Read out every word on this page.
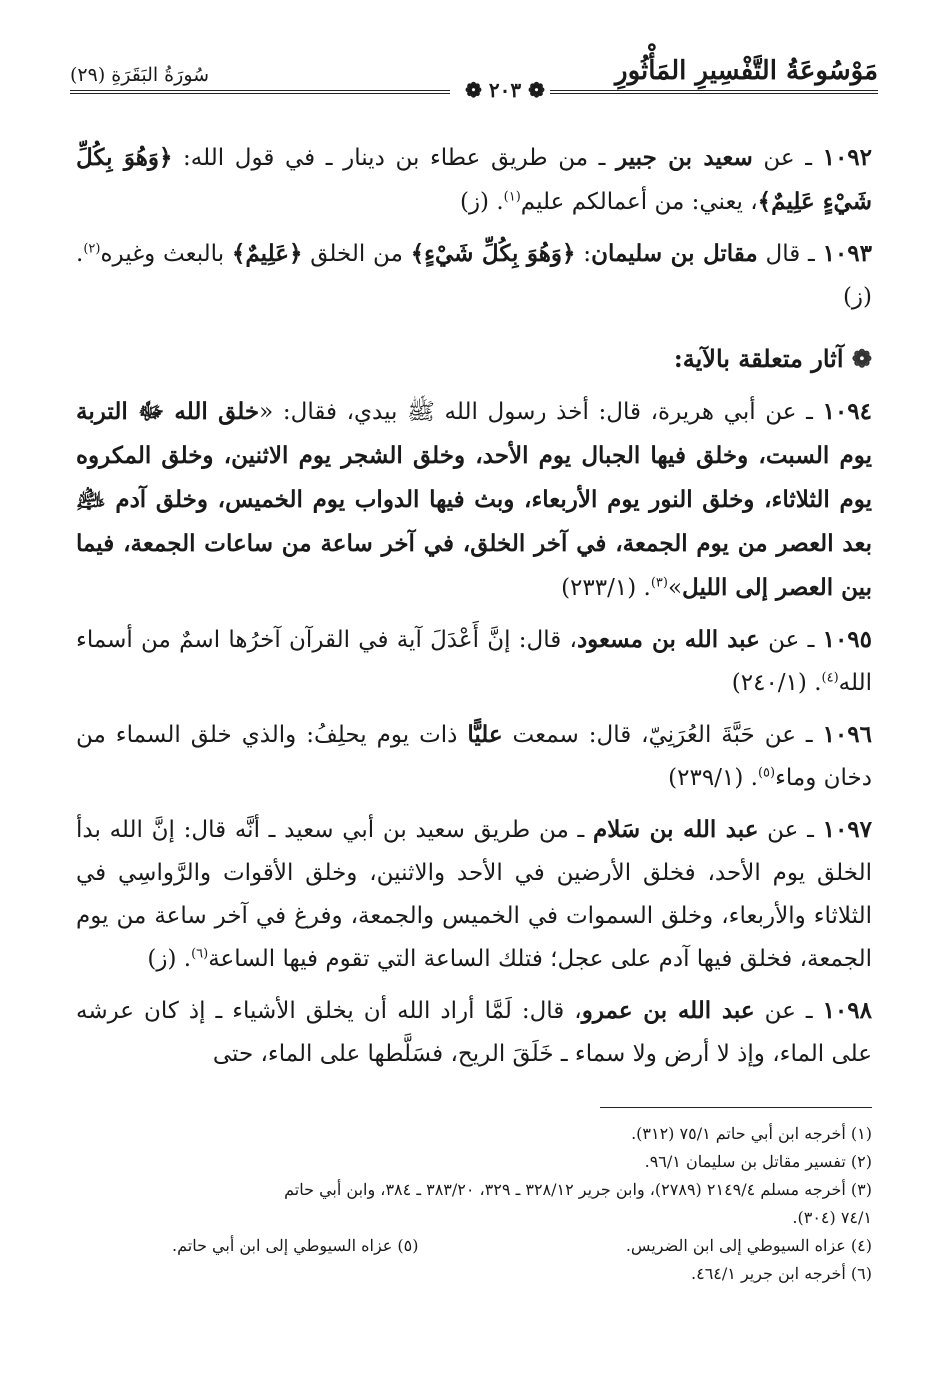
مَوْسُوعَةُ التَّفْسِيرِ المَأْثُورِ
سُورَةُ البَقَرَةِ (٢٩)
❁ ٢٠٣ ❁

١٠٩٢ ـ عن سعيد بن جبير ـ من طريق عطاء بن دينار ـ في قول الله: ﴿وَهُوَ بِكُلِّ شَيْءٍ عَلِيمٌ﴾، يعني: من أعمالكم عليم$^{(١)}$. (ز)

١٠٩٣ ـ قال مقاتل بن سليمان: ﴿وَهُوَ بِكُلِّ شَيْءٍ﴾ من الخلق ﴿عَلِيمٌ﴾ بالبعث وغيره$^{(٢)}$. (ز)

❁ آثار متعلقة بالآية:

١٠٩٤ ـ عن أبي هريرة، قال: أخذ رسول الله ﷺ بيدي، فقال: «خلق الله ﷻ التربة يوم السبت، وخلق فيها الجبال يوم الأحد، وخلق الشجر يوم الاثنين، وخلق المكروه يوم الثلاثاء، وخلق النور يوم الأربعاء، وبث فيها الدواب يوم الخميس، وخلق آدم ﵇ بعد العصر من يوم الجمعة، في آخر الخلق، في آخر ساعة من ساعات الجمعة، فيما بين العصر إلى الليل»$^{(٣)}$. (٢٣٣/١)

١٠٩٥ ـ عن عبد الله بن مسعود، قال: إنَّ أَعْدَلَ آية في القرآن آخرُها اسمٌ من أسماء الله$^{(٤)}$. (٢٤٠/١)

١٠٩٦ ـ عن حَبَّةَ العُرَنِيّ، قال: سمعت عليًّا ذات يوم يحلِفُ: والذي خلق السماء من دخان وماء$^{(٥)}$. (٢٣٩/١)

١٠٩٧ ـ عن عبد الله بن سَلام ـ من طريق سعيد بن أبي سعيد ـ أنَّه قال: إنَّ الله بدأ الخلق يوم الأحد، فخلق الأرضين في الأحد والاثنين، وخلق الأقوات والرَّواسِي في الثلاثاء والأربعاء، وخلق السموات في الخميس والجمعة، وفرغ في آخر ساعة من يوم الجمعة، فخلق فيها آدم على عجل؛ فتلك الساعة التي تقوم فيها الساعة$^{(٦)}$. (ز)

١٠٩٨ ـ عن عبد الله بن عمرو، قال: لَمَّا أراد الله أن يخلق الأشياء ـ إذ كان عرشه على الماء، وإذ لا أرض ولا سماء ـ خَلَقَ الريح، فسَلَّطها على الماء، حتى

(١) أخرجه ابن أبي حاتم ٧٥/١ (٣١٢).

(٢) تفسير مقاتل بن سليمان ٩٦/١.

(٣) أخرجه مسلم ٢١٤٩/٤ (٢٧٨٩)، وابن جرير ٣٢٨/١٢ ـ ٣٢٩، ٣٨٣/٢٠ ـ ٣٨٤، وابن أبي حاتم

٧٤/١ (٣٠٤).

(٤) عزاه السيوطي إلى ابن الضريس.

(٥) عزاه السيوطي إلى ابن أبي حاتم.

(٦) أخرجه ابن جرير ٤٦٤/١.
